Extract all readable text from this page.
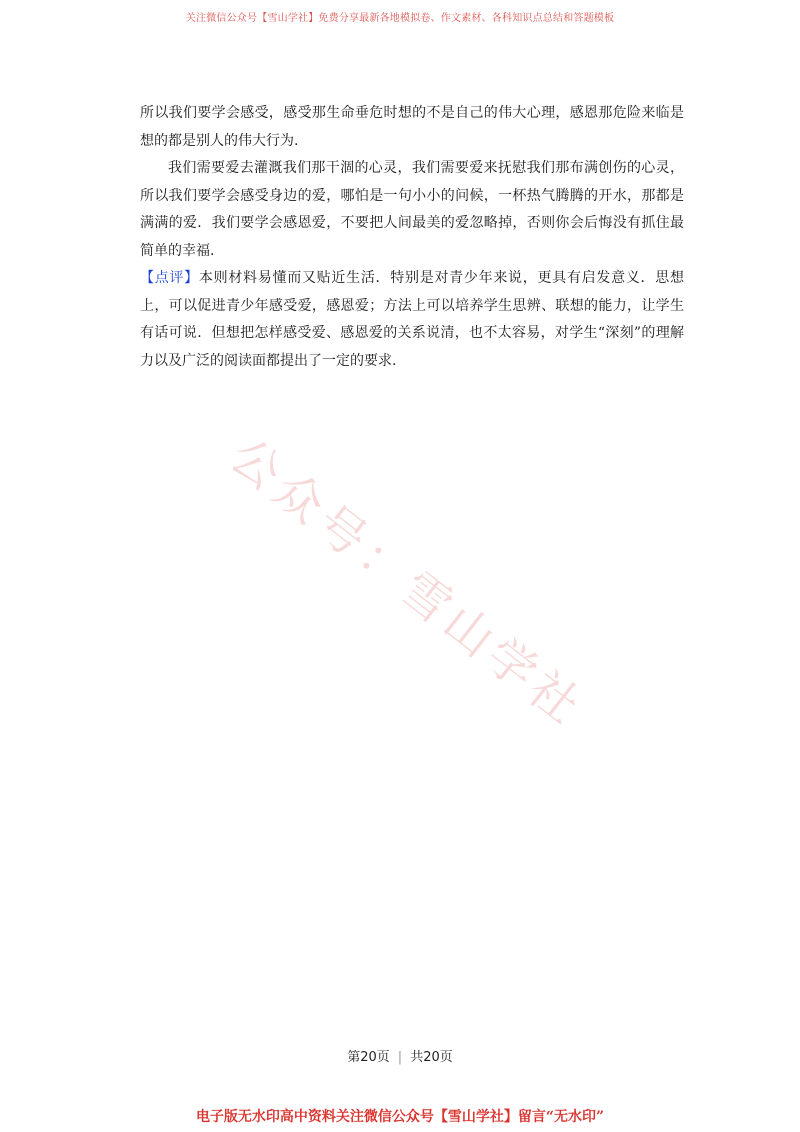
关注微信公众号【雪山学社】免费分享最新各地模拟卷、作文素材、各科知识点总结和答题模板

所以我们要学会感受，感受那生命垂危时想的不是自己的伟大心理，感恩那危险来临是想的都是别人的伟大行为.

我们需要爱去灌溉我们那干涸的心灵，我们需要爱来抚慰我们那布满创伤的心灵，所以我们要学会感受身边的爱，哪怕是一句小小的问候，一杯热气腾腾的开水，那都是满满的爱．我们要学会感恩爱，不要把人间最美的爱忽略掉，否则你会后悔没有抓住最简单的幸福.

【点评】本则材料易懂而又贴近生活．特别是对青少年来说，更具有启发意义．思想上，可以促进青少年感受爱，感恩爱；方法上可以培养学生思辨、联想的能力，让学生有话可说．但想把怎样感受爱、感恩爱的关系说清，也不太容易，对学生“深刻”的理解力以及广泛的阅读面都提出了一定的要求.

公众号：雪山学社
第20页 | 共20页
电子版无水印高中资料关注微信公众号【雪山学社】留言“无水印”
